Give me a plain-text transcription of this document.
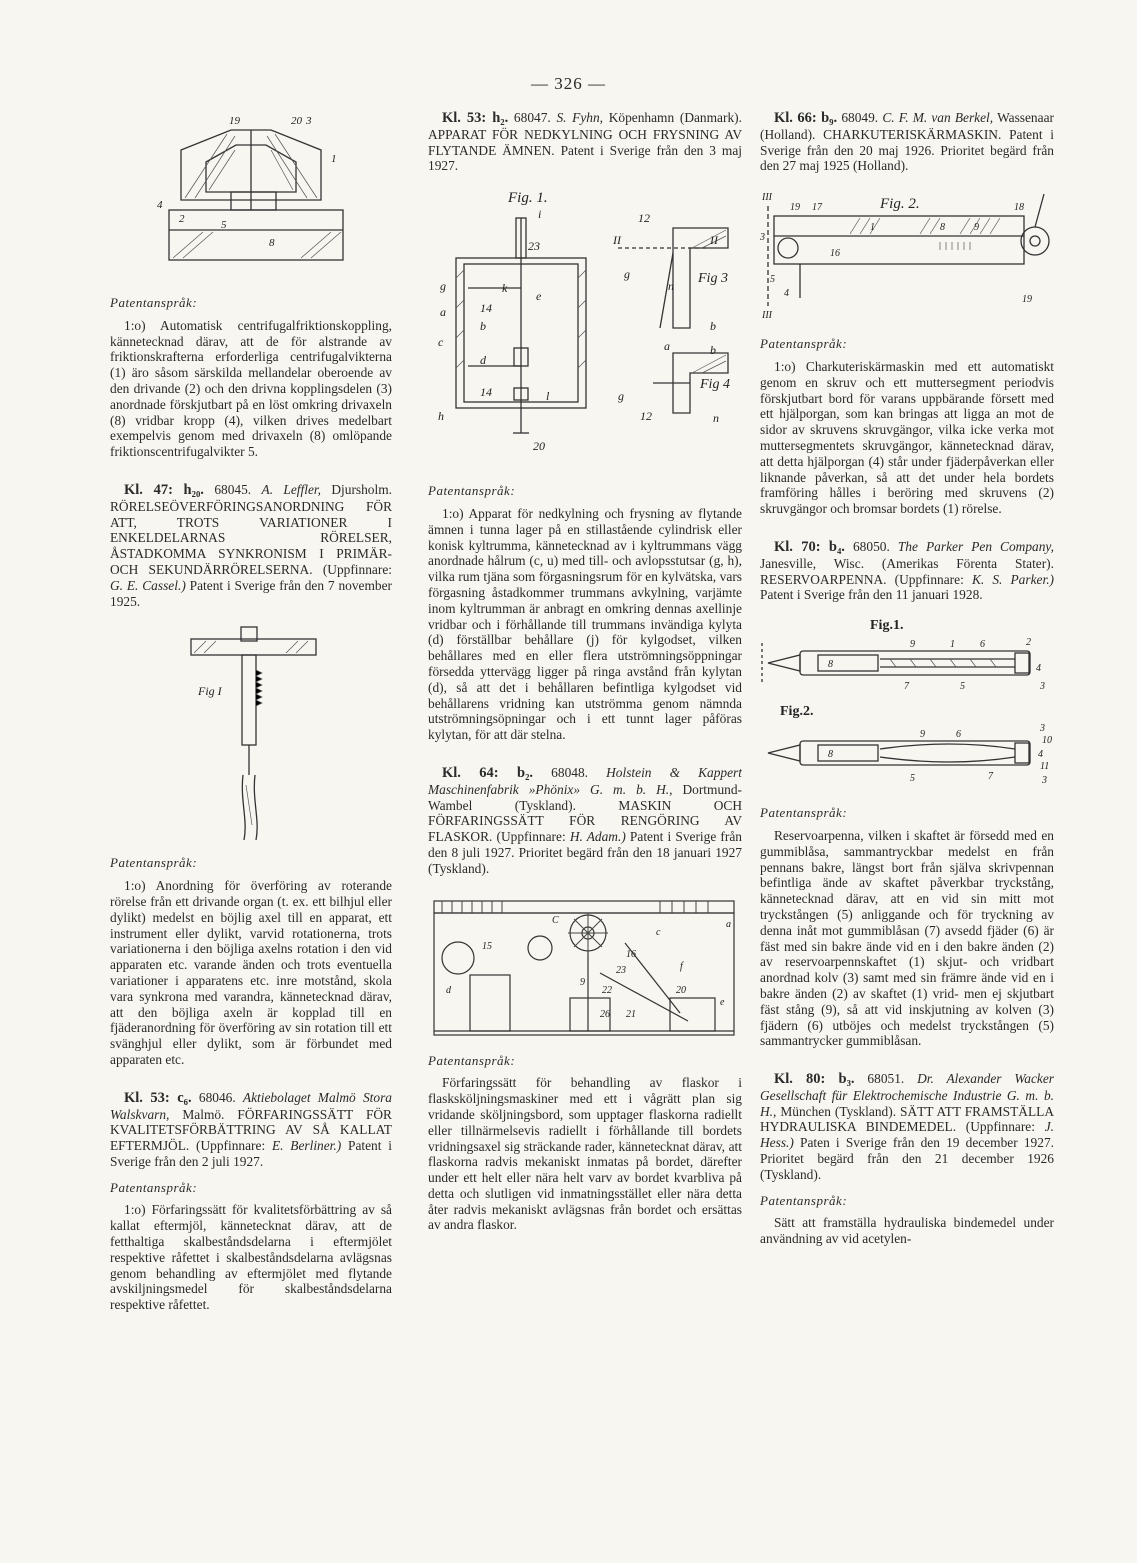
— 326 —
19	20 3
1
4
2	5
8

Patentanspråk:

1:o) Automatisk centrifugalfriktionskoppling, kännetecknad därav, att de för alstrande av friktionskrafterna erforderliga centrifugalvikterna (1) äro såsom särskilda mellandelar oberoende av den drivande (2) och den drivna kopplingsdelen (3) anordnade förskjutbart på en löst omkring drivaxeln (8) vridbar kropp (4), vilken drives medelbart exempelvis genom med drivaxeln (8) omlöpande friktionscentrifugalvikter 5.

Kl. 47: h₂₀. 68045. A. Leffler, Djursholm. RÖRELSEÖVERFÖRINGSANORDNING FÖR ATT, TROTS VARIATIONER I ENKELDELARNAS RÖRELSER, ÅSTADKOMMA SYNKRONISM I PRIMÄR- OCH SEKUNDÄRRÖRELSERNA. (Uppfinnare: G. E. Cassel.) Patent i Sverige från den 7 november 1925.

Fig I

Patentanspråk:

1:o) Anordning för överföring av roterande rörelse från ett drivande organ (t. ex. ett bilhjul eller dylikt) medelst en böjlig axel till en apparat, ett instrument eller dylikt, varvid rotationerna, trots variationerna i den böjliga axelns rotation i den vid apparaten etc. varande änden och trots eventuella variationer i apparatens etc. inre motstånd, skola vara synkrona med varandra, kännetecknad därav, att den böjliga axeln är kopplad till en fjäderanordning för överföring av sin rotation till ett svänghjul eller dylikt, som är förbundet med apparaten etc.

Kl. 53: c₆. 68046. Aktiebolaget Malmö Stora Walskvarn, Malmö. FÖRFARINGSSÄTT FÖR KVALITETSFÖRBÄTTRING AV SÅ KALLAT EFTERMJÖL. (Uppfinnare: E. Berliner.) Patent i Sverige från den 2 juli 1927.

Patentanspråk:

1:o) Förfaringssätt för kvalitetsförbättring av så kallat eftermjöl, kännetecknat därav, att de fetthaltiga skalbeståndsdelarna i eftermjölet respektive råfettet i skalbeståndsdelarna avlägsnas genom behandling av eftermjölet med flytande avskiljningsmedel för skalbeståndsdelarna respektive råfettet.

Kl. 53: h₂. 68047. S. Fyhn, Köpenhamn (Danmark). APPARAT FÖR NEDKYLNING OCH FRYSNING AV FLYTANDE ÄMNEN. Patent i Sverige från den 3 maj 1927.

Fig. 1.
i
23
g	k
e
a	14
b
c
d
14	l
h
20
12
II	II
g
n Fig 3
b
a	b
g
12
Fig 4
n

Patentanspråk:

1:o) Apparat för nedkylning och frysning av flytande ämnen i tunna lager på en stillastående cylindrisk eller konisk kyltrumma, kännetecknad av i kyltrummans vägg anordnade hålrum (c, u) med till- och avlopsstutsar (g, h), vilka rum tjäna som förgasningsrum för en kylvätska, vars förgasning åstadkommer trummans avkylning, varjämte inom kyltrumman är anbragt en omkring dennas axellinje vridbar och i förhållande till trummans invändiga kylyta (d) förställbar behållare (j) för kylgodset, vilken behållares med en eller flera utströmningsöppningar försedda yttervägg ligger på ringa avstånd från kylytan (d), så att det i behållaren befintliga kylgodset vid behållarens vridning kan utströmma genom nämnda utströmningsöpningar och i ett tunnt lager påföras kylytan, för att där stelna.

Kl. 64: b₂. 68048. Holstein & Kappert Maschinenfabrik »Phönix» G. m. b. H., Dortmund-Wambel (Tyskland). MASKIN OCH FÖRFARINGSSÄTT FÖR RENGÖRING AV FLASKOR. (Uppfinnare: H. Adam.) Patent i Sverige från den 8 juli 1927. Prioritet begärd från den 18 januari 1927 (Tyskland).

C
15
9
c
a
16
f
23
d	22
26 21
20
e

Patentanspråk:

Förfaringssätt för behandling av flaskor i flasksköljningsmaskiner med ett i vågrätt plan sig vridande sköljningsbord, som upptager flaskorna radiellt eller tillnärmelsevis radiellt i förhållande till bordets vridningsaxel sig sträckande rader, kännetecknat därav, att flaskorna radvis mekaniskt inmatas på bordet, därefter under ett helt eller nära helt varv av bordet kvarbliva på detta och slutligen vid inmatningsstället eller nära detta åter radvis mekaniskt avlägsnas från bordet och ersättas av andra flaskor.

Kl. 66: b₉. 68049. C. F. M. van Berkel, Wassenaar (Holland). CHARKUTERISKÄRMASKIN. Patent i Sverige från den 20 maj 1926. Prioritet begärd från den 27 maj 1925 (Holland).

III
19 17	Fig. 2.
1	8	9
18
3
16
5
4
III
19

Patentanspråk:

1:o) Charkuteriskärmaskin med ett automatiskt genom en skruv och ett muttersegment periodvis förskjutbart bord för varans uppbärande försett med ett hjälporgan, som kan bringas att ligga an mot de sidor av skruvens skruvgängor, vilka icke verka mot muttersegmentets skruvgängor, kännetecknad därav, att detta hjälporgan (4) står under fjäderpåverkan eller liknande påverkan, så att det under hela bordets framföring hålles i beröring med skruvens (2) skruvgängor och bromsar bordets (1) rörelse.

Kl. 70: b₄. 68050. The Parker Pen Company, Janesville, Wisc. (Amerikas Förenta Stater). RESERVOARPENNA. (Uppfinnare: K. S. Parker.) Patent i Sverige från den 11 januari 1928.

Fig.1.
9	1	6	2
8	4
7	5	3
Fig.2.
9	6
3
10
8	4
11
5	7	3

Patentanspråk:

Reservoarpenna, vilken i skaftet är försedd med en gummiblåsa, sammantryckbar medelst en från pennans bakre, längst bort från själva skrivpennan befintliga ände av skaftet påverkbar tryckstång, kännetecknad därav, att en vid sin mitt mot tryckstången (5) anliggande och för tryckning av denna inåt mot gummiblåsan (7) avsedd fjäder (6) är fäst med sin bakre ände vid en i den bakre änden (2) av reservoarpennskaftet (1) skjut- och vridbart anordnad kolv (3) samt med sin främre ände vid en i bakre änden (2) av skaftet (1) vrid- men ej skjutbart fäst stång (9), så att vid inskjutning av kolven (3) fjädern (6) utböjes och medelst tryckstången (5) sammantrycker gummiblåsan.

Kl. 80: b₃. 68051. Dr. Alexander Wacker Gesellschaft für Elektrochemische Industrie G. m. b. H., München (Tyskland). SÄTT ATT FRAMSTÄLLA HYDRAULISKA BINDEMEDEL. (Uppfinnare: J. Hess.) Paten i Sverige från den 19 december 1927. Prioritet begärd från den 21 december 1926 (Tyskland).

Patentanspråk:

Sätt att framställa hydrauliska bindemedel under användning av vid acetylen-
